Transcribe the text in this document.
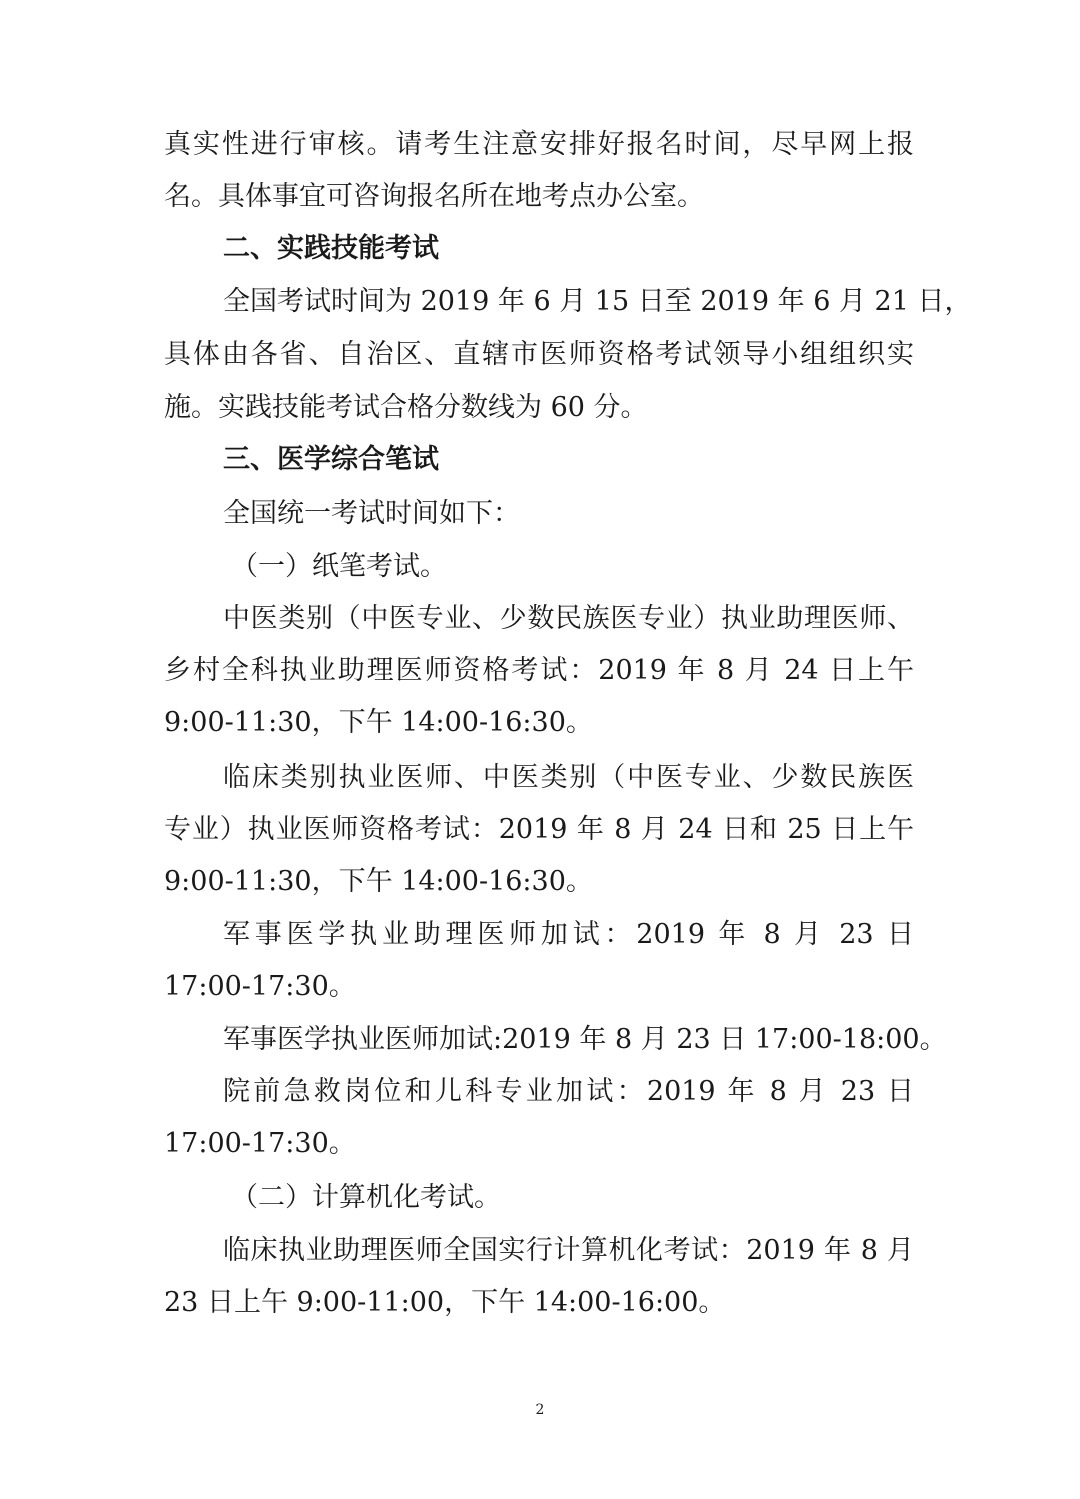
真实性进行审核。请考生注意安排好报名时间，尽早网上报

名。具体事宜可咨询报名所在地考点办公室。

二、实践技能考试

全国考试时间为 2019 年 6 月 15 日至 2019 年 6 月 21 日，

具体由各省、自治区、直辖市医师资格考试领导小组组织实

施。实践技能考试合格分数线为 60 分。

三、医学综合笔试

全国统一考试时间如下：

（一）纸笔考试。

中医类别（中医专业、少数民族医专业）执业助理医师、

乡村全科执业助理医师资格考试：2019 年 8 月 24 日上午

9:00-11:30，下午 14:00-16:30。

临床类别执业医师、中医类别（中医专业、少数民族医

专业）执业医师资格考试：2019 年 8 月 24 日和 25 日上午

9:00-11:30，下午 14:00-16:30。

军事医学执业助理医师加试：2019 年 8 月 23 日

17:00-17:30。

军事医学执业医师加试:2019 年 8 月 23 日 17:00-18:00。

院前急救岗位和儿科专业加试：2019 年 8 月 23 日

17:00-17:30。

（二）计算机化考试。

临床执业助理医师全国实行计算机化考试：2019 年 8 月

23 日上午 9:00-11:00，下午 14:00-16:00。

2
